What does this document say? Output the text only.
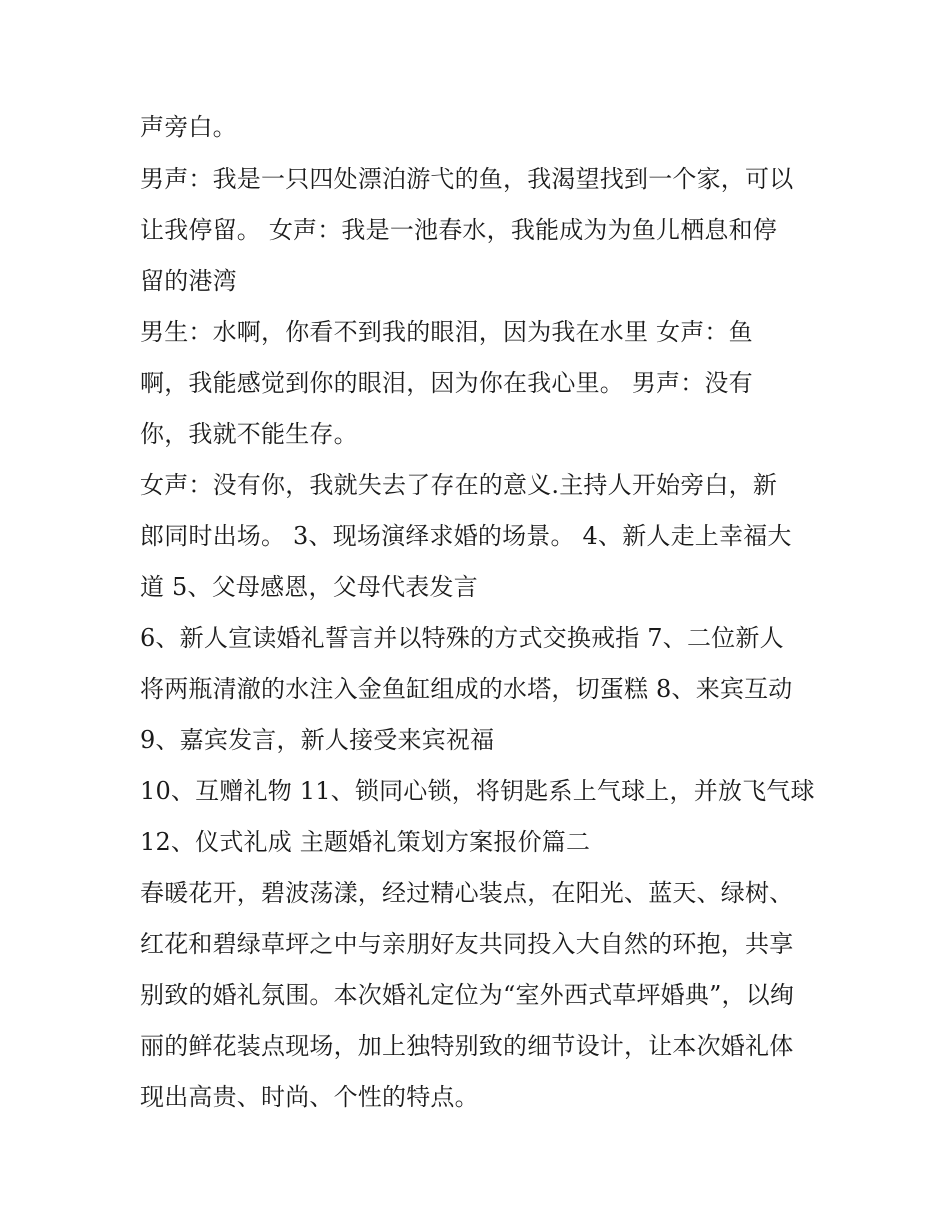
声旁白。
男声：我是一只四处漂泊游弋的鱼，我渴望找到一个家，可以
让我停留。 女声：我是一池春水，我能成为为鱼儿栖息和停
留的港湾
男生：水啊，你看不到我的眼泪，因为我在水里 女声：鱼
啊，我能感觉到你的眼泪，因为你在我心里。 男声：没有
你，我就不能生存。
女声：没有你，我就失去了存在的意义.主持人开始旁白，新
郎同时出场。 3、现场演绎求婚的场景。 4、新人走上幸福大
道 5、父母感恩，父母代表发言
6、新人宣读婚礼誓言并以特殊的方式交换戒指 7、二位新人
将两瓶清澈的水注入金鱼缸组成的水塔，切蛋糕 8、来宾互动
9、嘉宾发言，新人接受来宾祝福
10、互赠礼物 11、锁同心锁，将钥匙系上气球上，并放飞气球
12、仪式礼成 主题婚礼策划方案报价篇二
春暖花开，碧波荡漾，经过精心装点，在阳光、蓝天、绿树、
红花和碧绿草坪之中与亲朋好友共同投入大自然的环抱，共享
别致的婚礼氛围。本次婚礼定位为“室外西式草坪婚典”，以绚
丽的鲜花装点现场，加上独特别致的细节设计，让本次婚礼体
现出高贵、时尚、个性的特点。
